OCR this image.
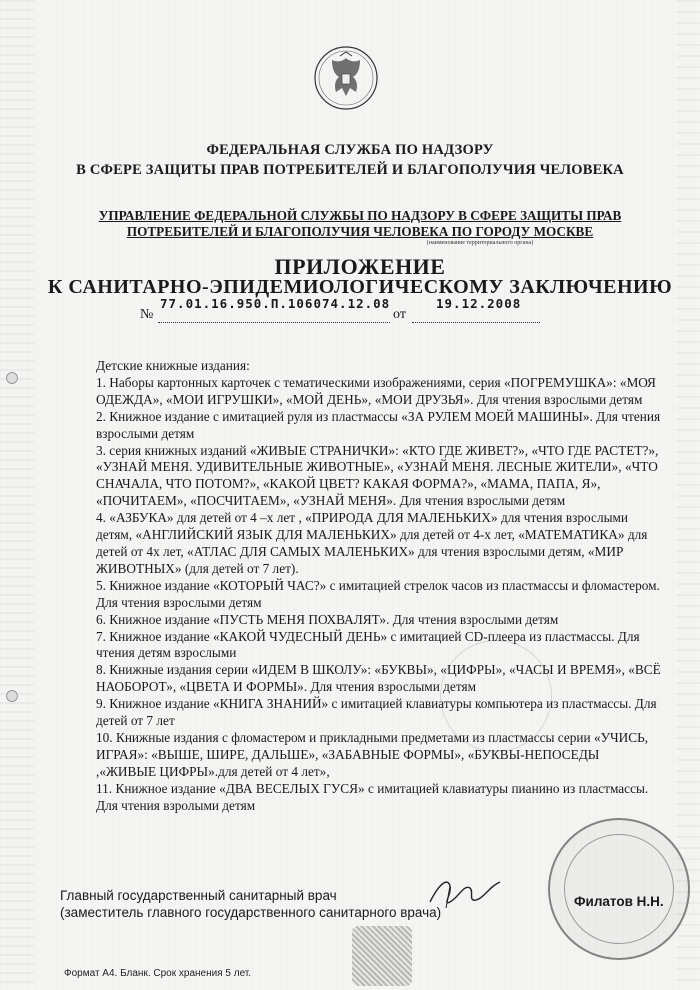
ФЕДЕРАЛЬНАЯ СЛУЖБА ПО НАДЗОРУ
В СФЕРЕ ЗАЩИТЫ ПРАВ ПОТРЕБИТЕЛЕЙ И БЛАГОПОЛУЧИЯ ЧЕЛОВЕКА
УПРАВЛЕНИЕ ФЕДЕРАЛЬНОЙ СЛУЖБЫ ПО НАДЗОРУ В СФЕРЕ ЗАЩИТЫ ПРАВ
ПОТРЕБИТЕЛЕЙ И БЛАГОПОЛУЧИЯ ЧЕЛОВЕКА ПО ГОРОДУ МОСКВЕ
(наименование территориального органа)
ПРИЛОЖЕНИЕ
К САНИТАРНО-ЭПИДЕМИОЛОГИЧЕСКОМУ ЗАКЛЮЧЕНИЮ
№
77.01.16.950.П.106074.12.08
от
19.12.2008

Детские книжные издания:

1. Наборы картонных карточек с тематическими изображениями, серия «ПОГРЕМУШКА»: «МОЯ ОДЕЖДА», «МОИ ИГРУШКИ», «МОЙ ДЕНЬ», «МОИ ДРУЗЬЯ». Для чтения взрослыми детям

2. Книжное издание с имитацией руля из пластмассы «ЗА РУЛЕМ МОЕЙ МАШИНЫ». Для чтения взрослыми детям

3. серия книжных изданий «ЖИВЫЕ СТРАНИЧКИ»: «КТО ГДЕ ЖИВЕТ?», «ЧТО ГДЕ РАСТЕТ?», «УЗНАЙ МЕНЯ. УДИВИТЕЛЬНЫЕ ЖИВОТНЫЕ», «УЗНАЙ МЕНЯ. ЛЕСНЫЕ ЖИТЕЛИ», «ЧТО СНАЧАЛА, ЧТО ПОТОМ?», «КАКОЙ ЦВЕТ? КАКАЯ ФОРМА?», «МАМА, ПАПА, Я», «ПОЧИТАЕМ», «ПОСЧИТАЕМ», «УЗНАЙ МЕНЯ». Для чтения взрослыми детям

4. «АЗБУКА» для детей от 4 –х лет , «ПРИРОДА ДЛЯ МАЛЕНЬКИХ» для чтения взрослыми детям, «АНГЛИЙСКИЙ ЯЗЫК ДЛЯ МАЛЕНЬКИХ» для детей от 4-х лет, «МАТЕМАТИКА» для детей от 4х лет, «АТЛАС ДЛЯ САМЫХ МАЛЕНЬКИХ» для чтения взрослыми детям, «МИР ЖИВОТНЫХ» (для детей от 7 лет).

5. Книжное издание «КОТОРЫЙ ЧАС?» с имитацией стрелок часов из пластмассы и фломастером. Для чтения взрослыми детям

6. Книжное издание «ПУСТЬ МЕНЯ ПОХВАЛЯТ». Для чтения взрослыми детям

7. Книжное издание «КАКОЙ ЧУДЕСНЫЙ ДЕНЬ» с имитацией CD-плеера из пластмассы. Для чтения детям взрослыми

8. Книжные издания серии «ИДЕМ В ШКОЛУ»: «БУКВЫ», «ЦИФРЫ», «ЧАСЫ И ВРЕМЯ», «ВСЁ НАОБОРОТ», «ЦВЕТА И ФОРМЫ». Для чтения взрослыми детям

9. Книжное издание «КНИГА ЗНАНИЙ» с имитацией клавиатуры компьютера из пластмассы. Для детей от 7 лет

10. Книжные издания с фломастером и прикладными предметами из пластмассы серии «УЧИСЬ, ИГРАЯ»: «ВЫШЕ, ШИРЕ, ДАЛЬШЕ», «ЗАБАВНЫЕ ФОРМЫ», «БУКВЫ-НЕПОСЕДЫ ,«ЖИВЫЕ ЦИФРЫ».для детей от 4 лет»,

11. Книжное издание «ДВА ВЕСЕЛЫХ ГУСЯ» с имитацией клавиатуры пианино из пластмассы. Для чтения взролыми детям

Главный государственный санитарный врач
(заместитель главного государственного санитарного врача)
Филатов Н.Н.
Формат А4. Бланк. Срок хранения 5 лет.
